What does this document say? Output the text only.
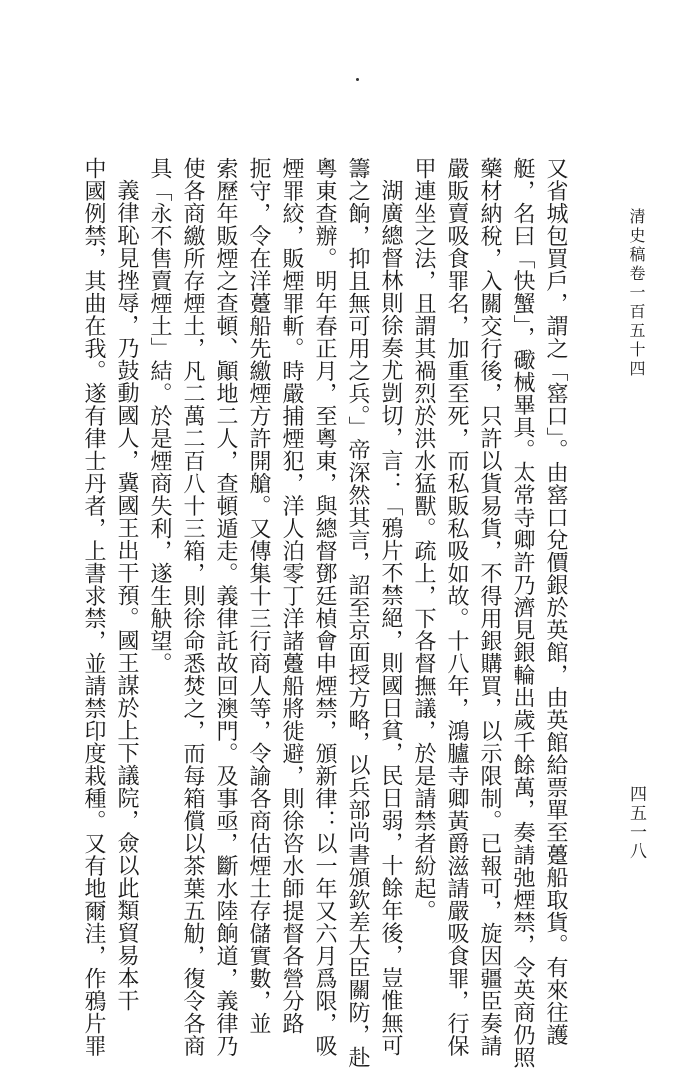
清史稿卷一百五十四
四五一八
又省城包買戶，謂之「窰口」。由窰口兌價銀於英館，由英館給票單至躉船取貨。有來往護
艇，名曰「快蟹」，礮械畢具。太常寺卿許乃濟見銀輪出歲千餘萬，奏請弛煙禁，令英商仍照
藥材納稅，入關交行後，只許以貨易貨，不得用銀購買，以示限制。已報可，旋因疆臣奏請
嚴販賣吸食罪名，加重至死，而私販私吸如故。十八年，鴻臚寺卿黃爵滋請嚴吸食罪，行保
甲連坐之法，且謂其禍烈於洪水猛獸。疏上，下各督撫議，於是請禁者紛起。
湖廣總督林則徐奏尤剴切，言：「鴉片不禁絕，則國日貧，民日弱，十餘年後，豈惟無可
籌之餉，抑且無可用之兵。」帝深然其言，詔至京面授方略，以兵部尚書頒欽差大臣關防，赴
粵東查辦。明年春正月，至粵東，與總督鄧廷楨會申煙禁，頒新律：以一年又六月爲限，吸
煙罪絞，販煙罪斬。時嚴捕煙犯，洋人泊零丁洋諸躉船將徙避，則徐咨水師提督各營分路
扼守，令在洋躉船先繳煙方許開艙。又傳集十三行商人等，令諭各商估煙土存儲實數，並
索歷年販煙之查頓、顚地二人，查頓遁走。義律託故回澳門。及事亟，斷水陸餉道，義律乃
使各商繳所存煙土，凡二萬二百八十三箱，則徐命悉焚之，而每箱償以茶葉五觔，復令各商
具「永不售賣煙土」結。於是煙商失利，遂生觖望。
義律恥見挫辱，乃鼓動國人，冀國王出干預。國王謀於上下議院，僉以此類貿易本干
中國例禁，其曲在我。遂有律士丹者，上書求禁，並請禁印度栽種。又有地爾洼，作鴉片罪
